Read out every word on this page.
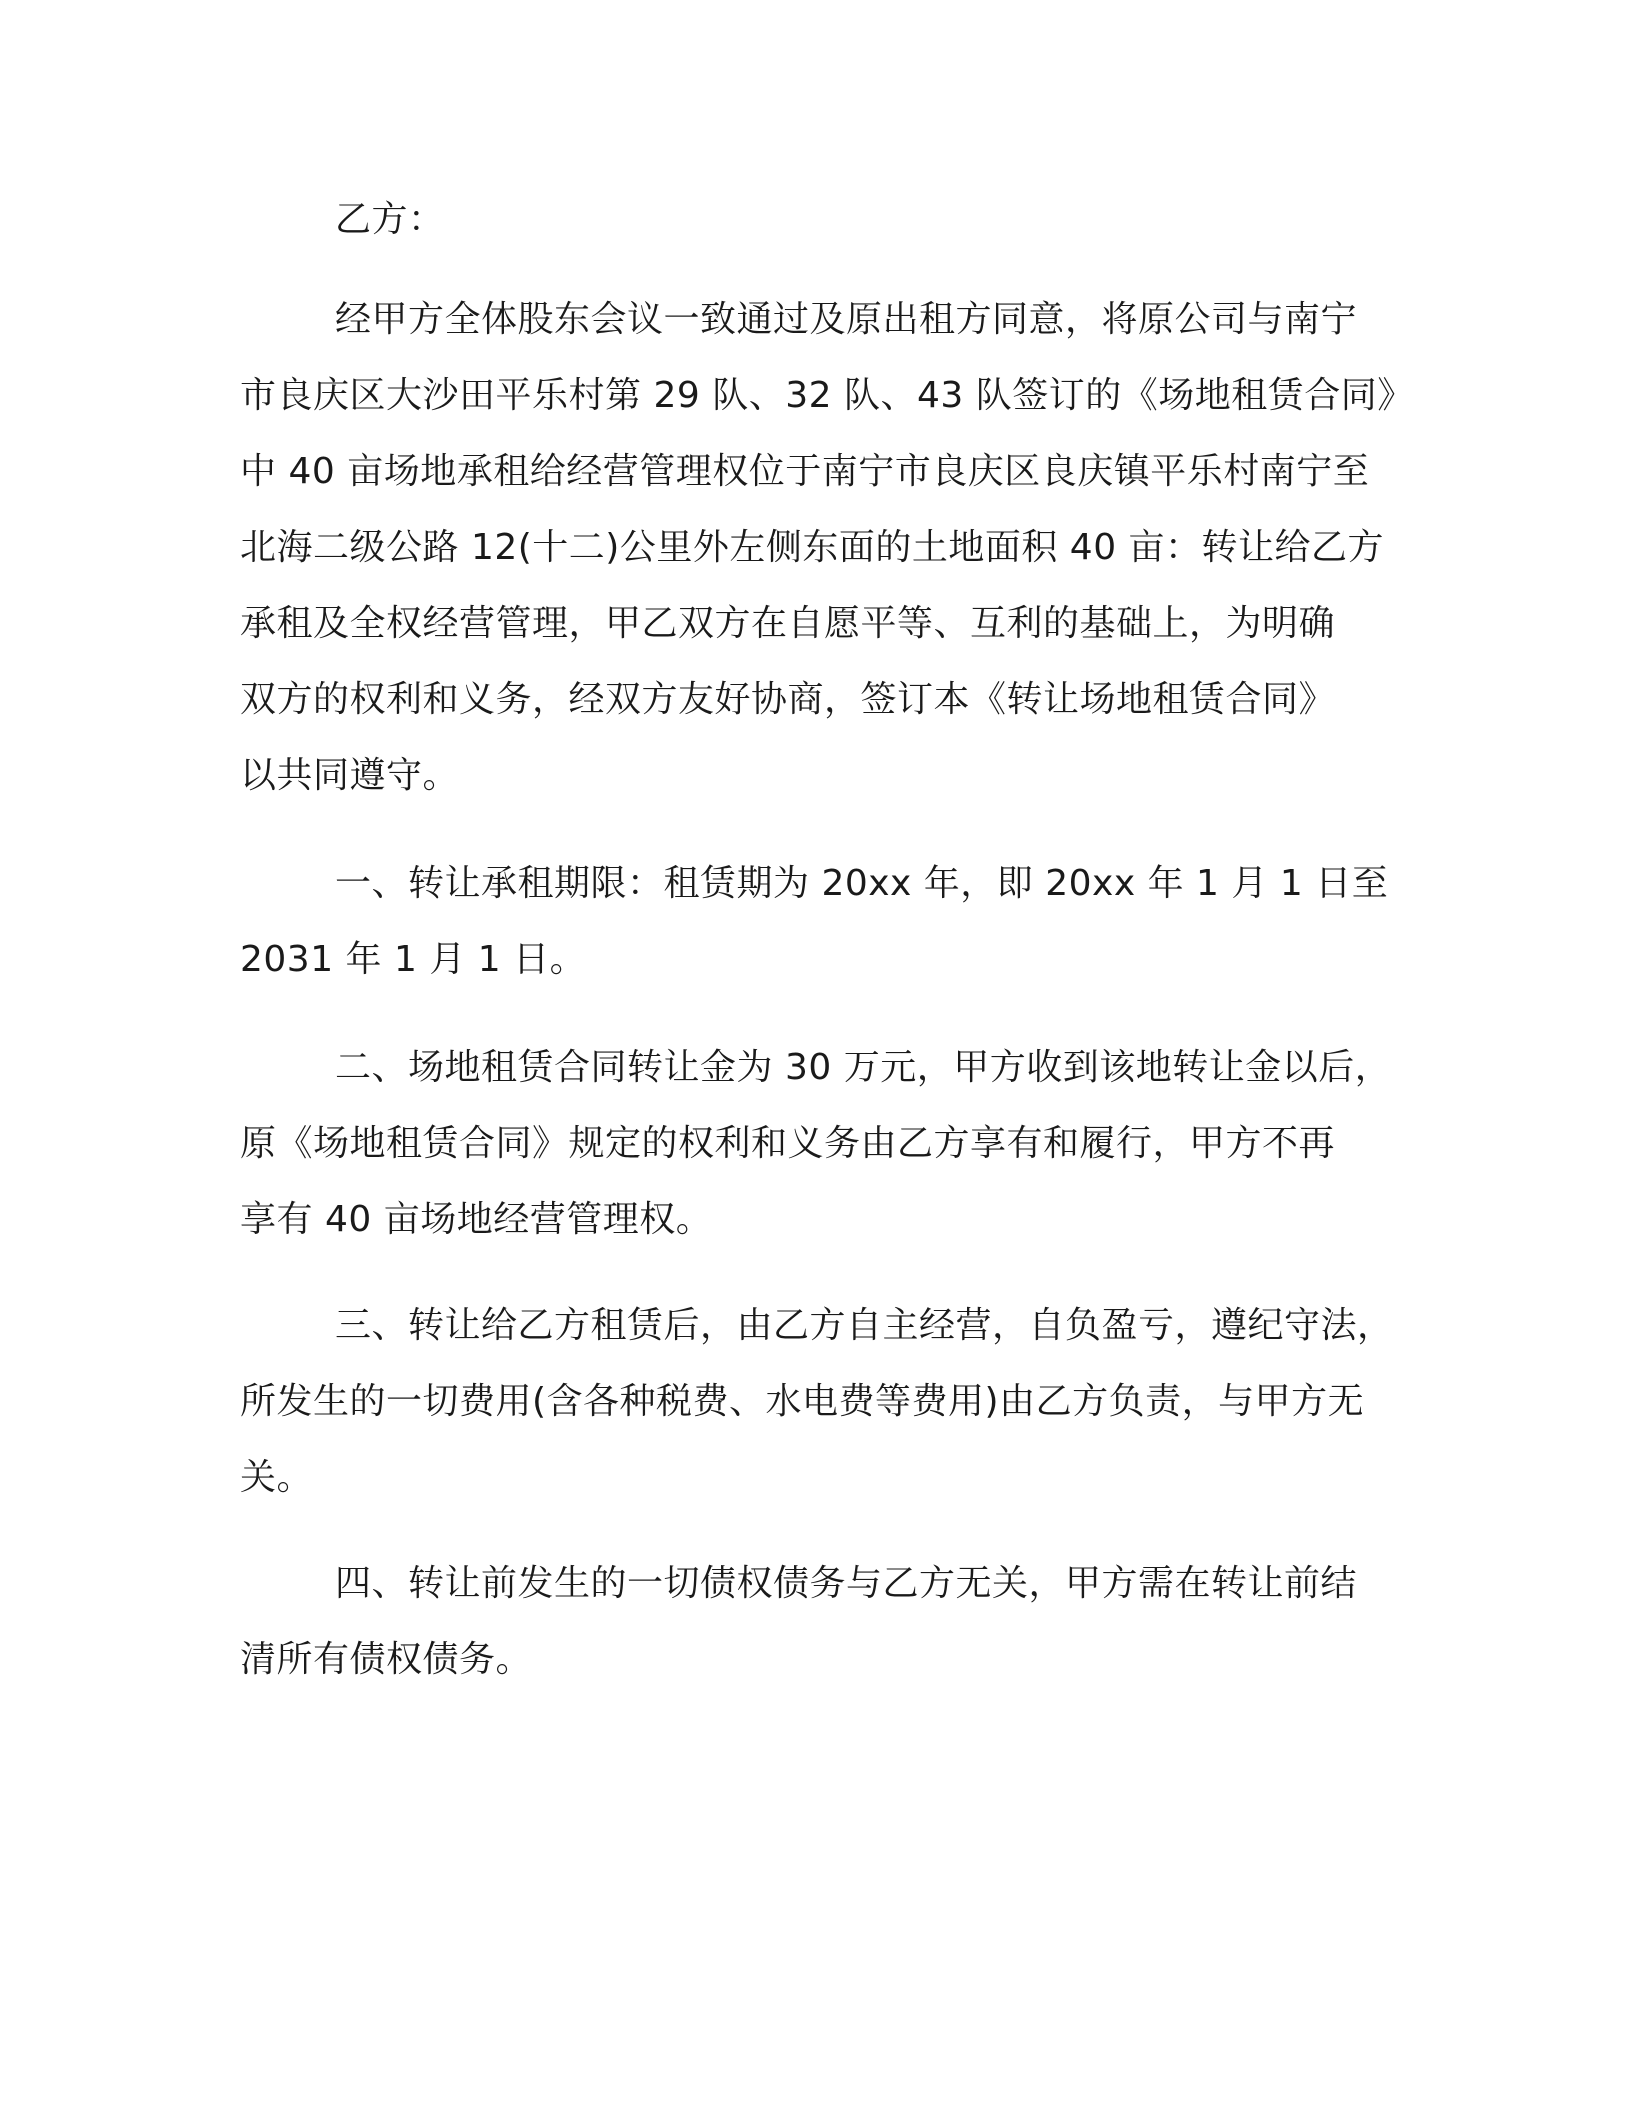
乙方：
经甲方全体股东会议一致通过及原出租方同意，将原公司与南宁
市良庆区大沙田平乐村第 29 队、32 队、43 队签订的《场地租赁合同》
中 40 亩场地承租给经营管理权位于南宁市良庆区良庆镇平乐村南宁至
北海二级公路 12(十二)公里外左侧东面的土地面积 40 亩：转让给乙方
承租及全权经营管理，甲乙双方在自愿平等、互利的基础上，为明确
双方的权利和义务，经双方友好协商，签订本《转让场地租赁合同》
以共同遵守。
一、转让承租期限：租赁期为 20xx 年，即 20xx 年 1 月 1 日至
2031 年 1 月 1 日。
二、场地租赁合同转让金为 30 万元，甲方收到该地转让金以后，
原《场地租赁合同》规定的权利和义务由乙方享有和履行，甲方不再
享有 40 亩场地经营管理权。
三、转让给乙方租赁后，由乙方自主经营，自负盈亏，遵纪守法，
所发生的一切费用(含各种税费、水电费等费用)由乙方负责，与甲方无
关。
四、转让前发生的一切债权债务与乙方无关，甲方需在转让前结
清所有债权债务。
